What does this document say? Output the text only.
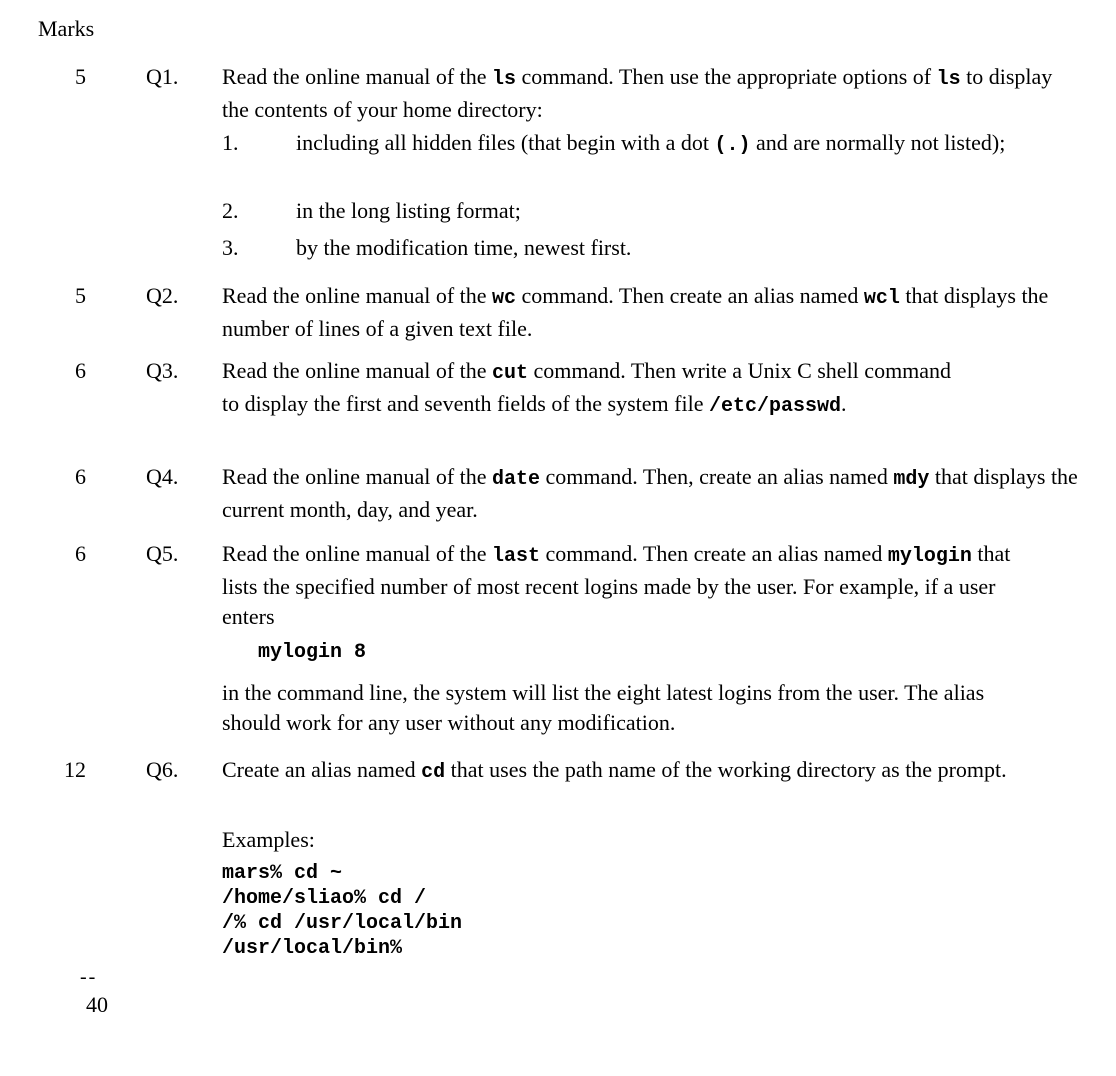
Marks
5	Q1. Read the online manual of the ls command. Then use the appropriate options of ls to display the contents of your home directory:
1.	including all hidden files (that begin with a dot (.) and are normally not listed);
2.	in the long listing format;
3.	by the modification time, newest first.
5	Q2. Read the online manual of the wc command. Then create an alias named wcl that displays the number of lines of a given text file.
6	Q3. Read the online manual of the cut command. Then write a Unix C shell command to display the first and seventh fields of the system file /etc/passwd.
6	Q4. Read the online manual of the date command. Then, create an alias named mdy that displays the current month, day, and year.
6	Q5. Read the online manual of the last command. Then create an alias named mylogin that lists the specified number of most recent logins made by the user. For example, if a user enters
mylogin 8
in the command line, the system will list the eight latest logins from the user. The alias should work for any user without any modification.
12	Q6. Create an alias named cd that uses the path name of the working directory as the prompt.
Examples:
mars% cd ~
/home/sliao% cd /
/% cd /usr/local/bin
/usr/local/bin%
--
40
